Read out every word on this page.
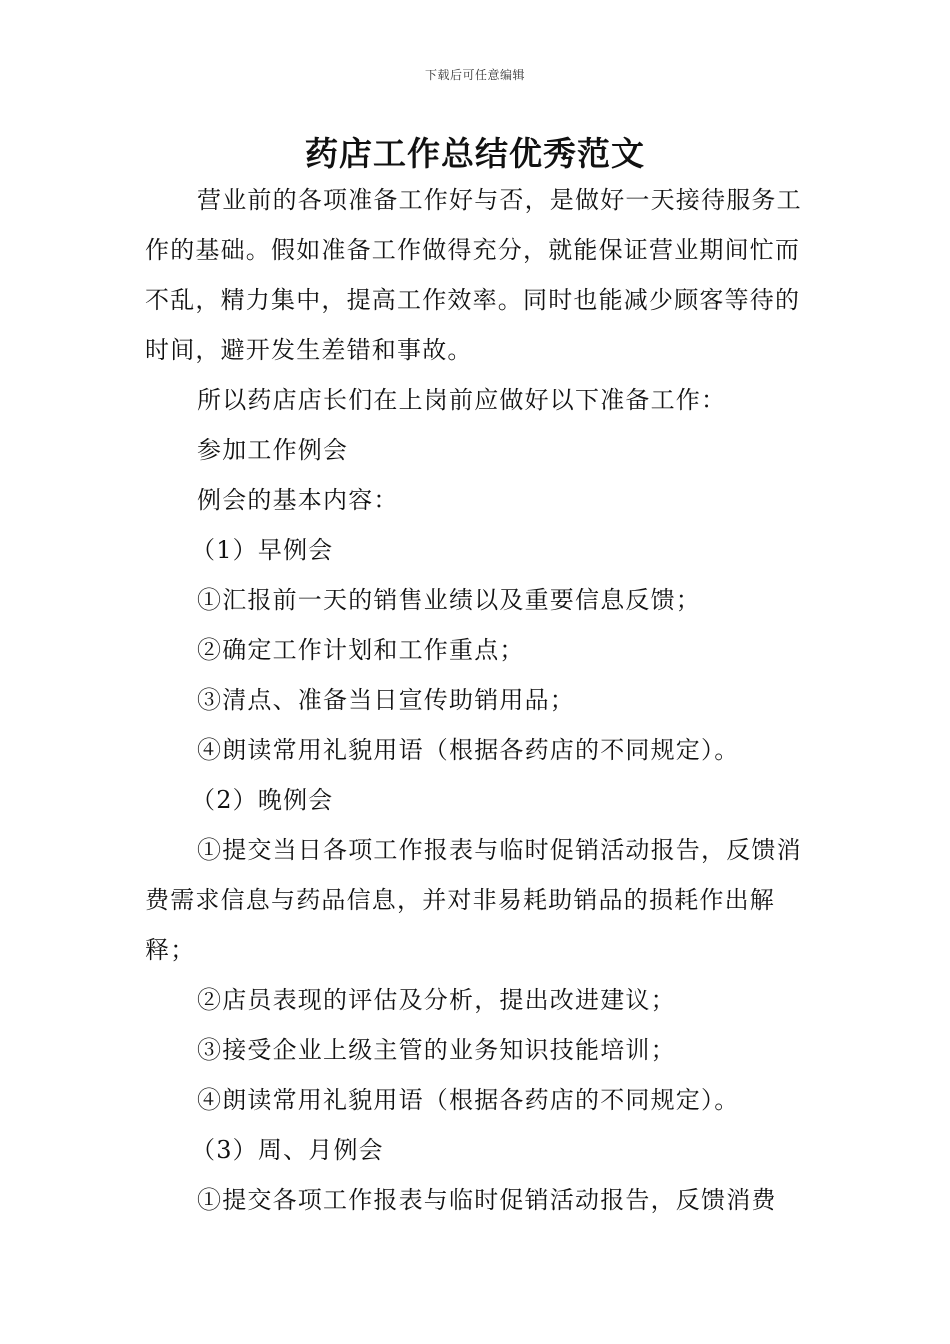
下载后可任意编辑
药店工作总结优秀范文

营业前的各项准备工作好与否，是做好一天接待服务工作的基础。假如准备工作做得充分，就能保证营业期间忙而不乱，精力集中，提高工作效率。同时也能减少顾客等待的时间，避开发生差错和事故。

所以药店店长们在上岗前应做好以下准备工作：

参加工作例会

例会的基本内容：

（1）早例会

①汇报前一天的销售业绩以及重要信息反馈；

②确定工作计划和工作重点；

③清点、准备当日宣传助销用品；

④朗读常用礼貌用语（根据各药店的不同规定）。

（2）晚例会

①提交当日各项工作报表与临时促销活动报告，反馈消费需求信息与药品信息，并对非易耗助销品的损耗作出解释；

②店员表现的评估及分析，提出改进建议；

③接受企业上级主管的业务知识技能培训；

④朗读常用礼貌用语（根据各药店的不同规定）。

（3）周、月例会

①提交各项工作报表与临时促销活动报告，反馈消费
